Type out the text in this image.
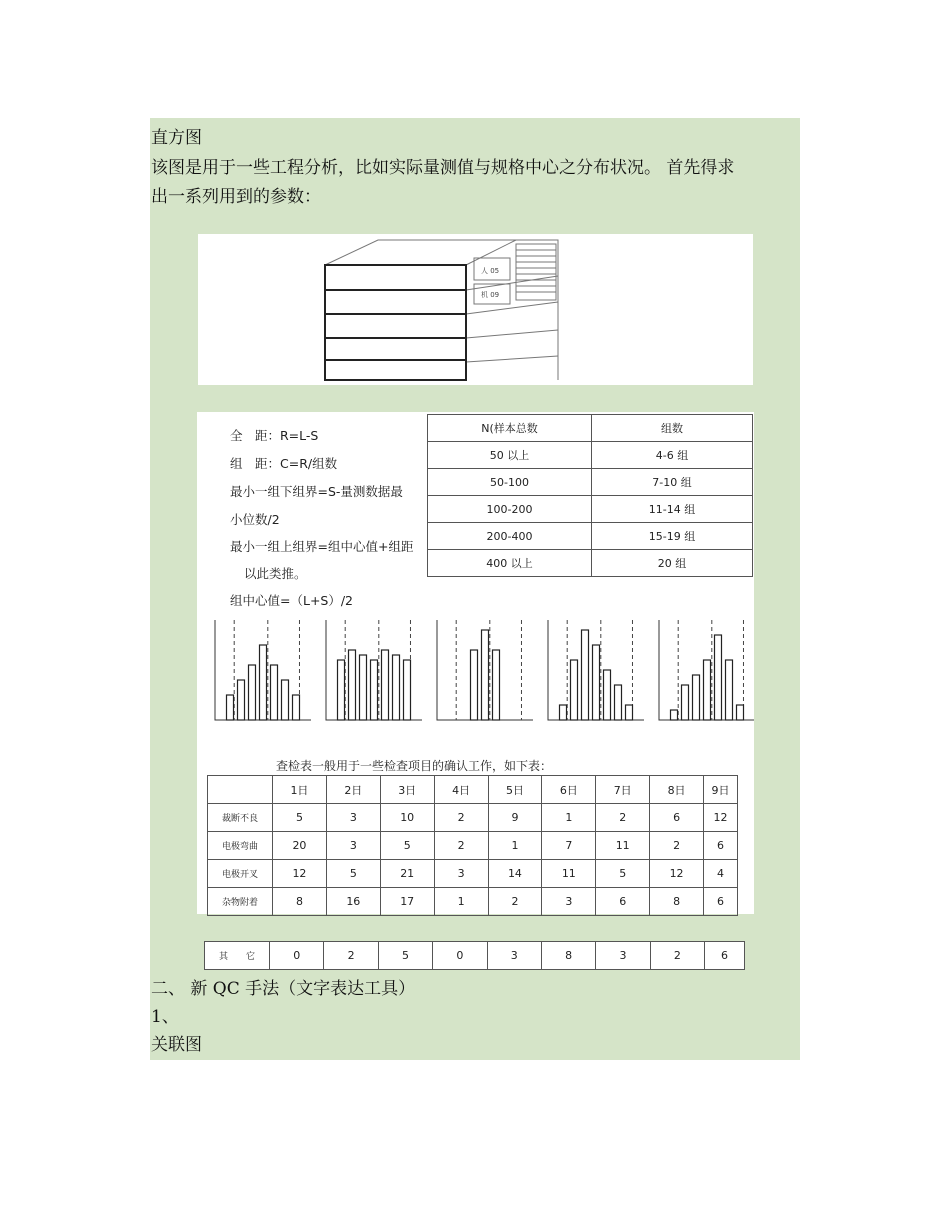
直方图
该图是用于一些工程分析，比如实际量测值与规格中心之分布状况。 首先得求
出一系列用到的参数：
人 05
机 09
全　距：R=L-S
组　距：C=R/组数
最小一组下组界=S-量测数据最
小位数/2
最小一组上组界=组中心值+组距
以此类推。
组中心值=（L+S）/2
N(样本总数	组数
50 以上	4-6 组
50-100	7-10 组
100-200	11-14 组
200-400	15-19 组
400 以上	20 组
查检表一般用于一些检查项目的确认工作，如下表：
	1日	2日	3日	4日	5日	6日	7日	8日	9日
裁断不良	5	3	10	2	9	1	2	6	12
电极弯曲	20	3	5	2	1	7	11	2	6
电极开叉	12	5	21	3	14	11	5	12	4
杂物附着	8	16	17	1	2	3	6	8	6
其　　它	0	2	5	0	3	8	3	2	6
二、 新 QC 手法（文字表达工具）
1、
关联图
